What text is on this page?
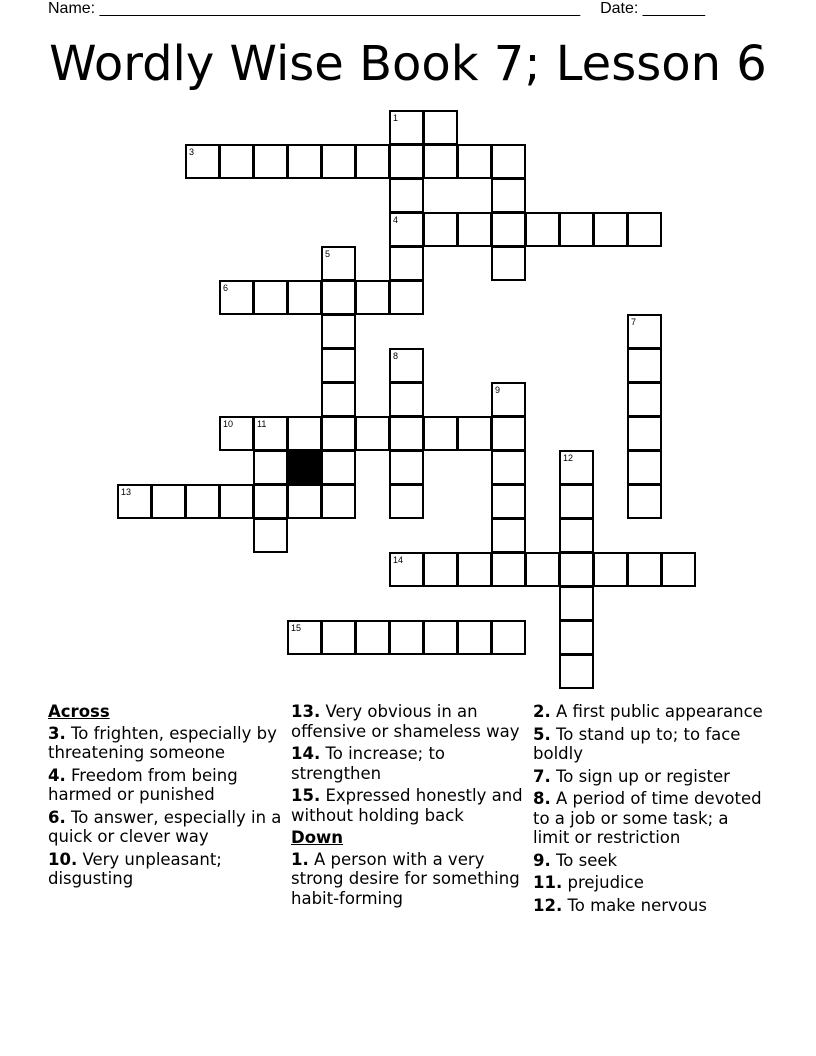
Name: ______________________________________________________ Date: _______
Wordly Wise Book 7; Lesson 6
1
3
4
5
6
7
8
9
10	11
12
13
14
15
Across
3. To frighten, especially by threatening someone
4. Freedom from being harmed or punished
6. To answer, especially in a quick or clever way
10. Very unpleasant; disgusting
13. Very obvious in an offensive or shameless way
14. To increase; to strengthen
15. Expressed honestly and without holding back
Down
1. A person with a very strong desire for something habit-forming
2. A first public appearance
5. To stand up to; to face boldly
7. To sign up or register
8. A period of time devoted to a job or some task; a limit or restriction
9. To seek
11. prejudice
12. To make nervous
